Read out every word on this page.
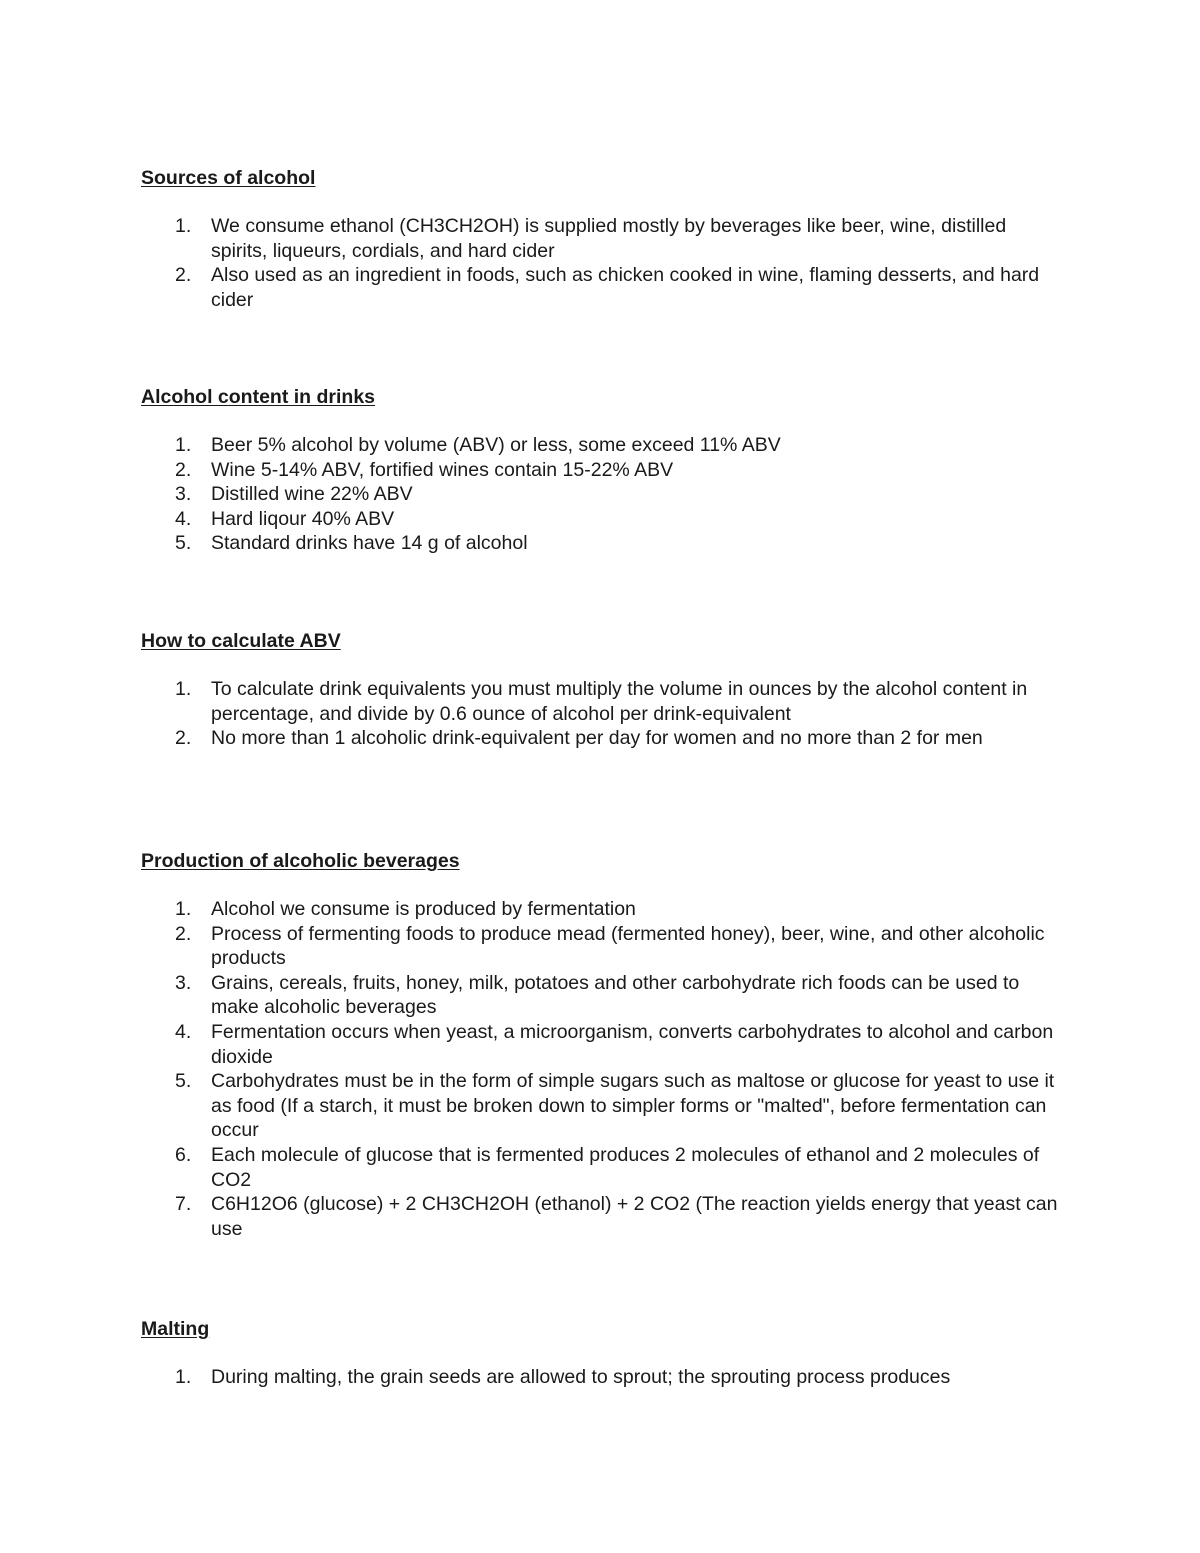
Sources of alcohol
1.	We consume ethanol (CH3CH2OH) is supplied mostly by beverages like beer, wine, distilled spirits, liqueurs, cordials, and hard cider
2.	Also used as an ingredient in foods, such as chicken cooked in wine, flaming desserts, and hard cider
Alcohol content in drinks
1.	Beer 5% alcohol by volume (ABV) or less, some exceed 11% ABV
2.	Wine 5-14% ABV, fortified wines contain 15-22% ABV
3.	Distilled wine 22% ABV
4.	Hard liqour 40% ABV
5.	Standard drinks have 14 g of alcohol
How to calculate ABV
1.	To calculate drink equivalents you must multiply the volume in ounces by the alcohol content in percentage, and divide by 0.6 ounce of alcohol per drink-equivalent
2.	No more than 1 alcoholic drink-equivalent per day for women and no more than 2 for men
Production of alcoholic beverages
1.	Alcohol we consume is produced by fermentation
2.	Process of fermenting foods to produce mead (fermented honey), beer, wine, and other alcoholic products
3.	Grains, cereals, fruits, honey, milk, potatoes and other carbohydrate rich foods can be used to make alcoholic beverages
4.	Fermentation occurs when yeast, a microorganism, converts carbohydrates to alcohol and carbon dioxide
5.	Carbohydrates must be in the form of simple sugars such as maltose or glucose for yeast to use it as food (If a starch, it must be broken down to simpler forms or "malted", before fermentation can occur
6.	Each molecule of glucose that is fermented produces 2 molecules of ethanol and 2 molecules of CO2
7.	C6H12O6 (glucose) + 2 CH3CH2OH (ethanol) + 2 CO2 (The reaction yields energy that yeast can use
Malting
1.	During malting, the grain seeds are allowed to sprout; the sprouting process produces
